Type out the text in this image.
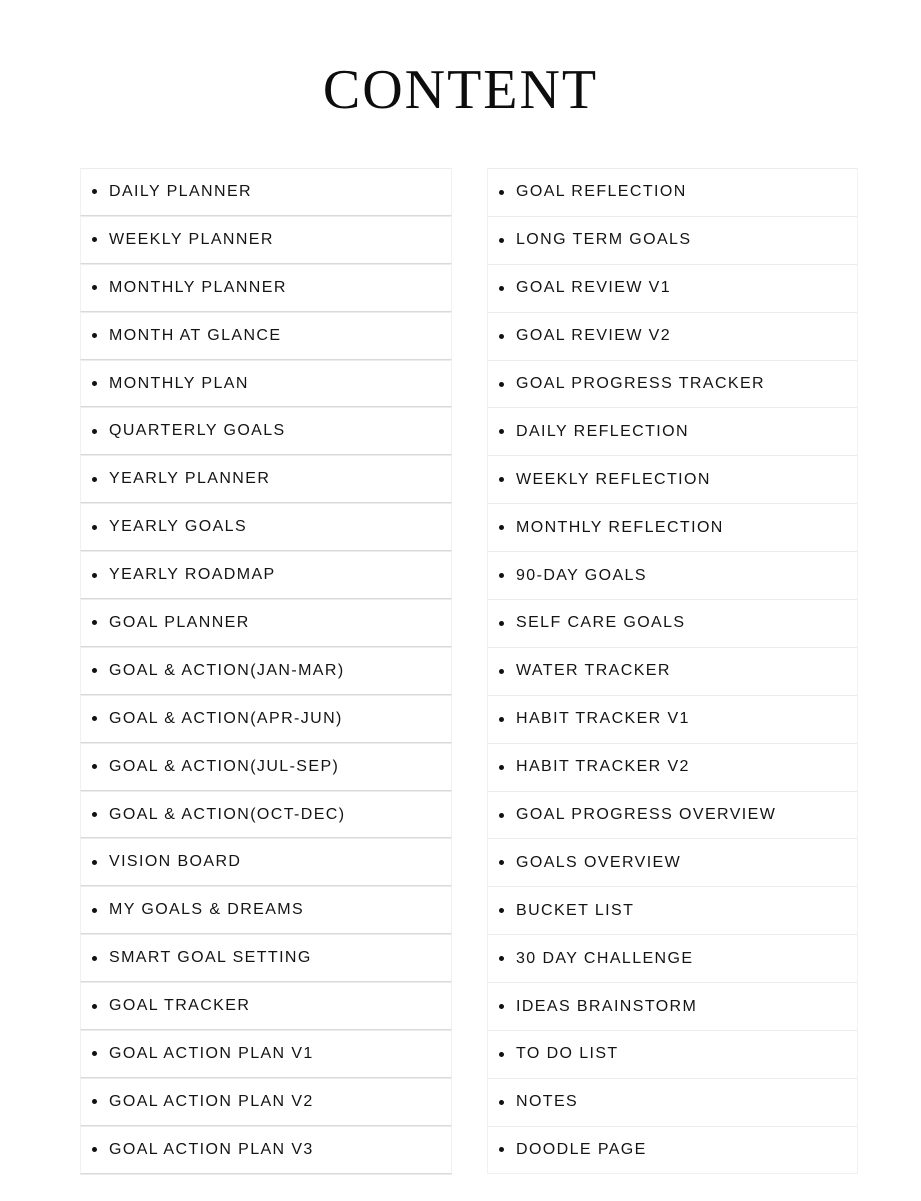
CONTENT
DAILY PLANNER
WEEKLY PLANNER
MONTHLY PLANNER
MONTH AT GLANCE
MONTHLY PLAN
QUARTERLY GOALS
YEARLY PLANNER
YEARLY GOALS
YEARLY ROADMAP
GOAL PLANNER
GOAL & ACTION(JAN-MAR)
GOAL & ACTION(APR-JUN)
GOAL & ACTION(JUL-SEP)
GOAL & ACTION(OCT-DEC)
VISION BOARD
MY GOALS & DREAMS
SMART GOAL SETTING
GOAL TRACKER
GOAL ACTION PLAN V1
GOAL ACTION PLAN V2
GOAL ACTION PLAN V3
GOAL REFLECTION
LONG TERM GOALS
GOAL REVIEW V1
GOAL REVIEW V2
GOAL PROGRESS TRACKER
DAILY REFLECTION
WEEKLY REFLECTION
MONTHLY REFLECTION
90-DAY GOALS
SELF CARE GOALS
WATER TRACKER
HABIT TRACKER V1
HABIT TRACKER V2
GOAL PROGRESS OVERVIEW
GOALS OVERVIEW
BUCKET LIST
30 DAY CHALLENGE
IDEAS BRAINSTORM
TO DO LIST
NOTES
DOODLE PAGE
